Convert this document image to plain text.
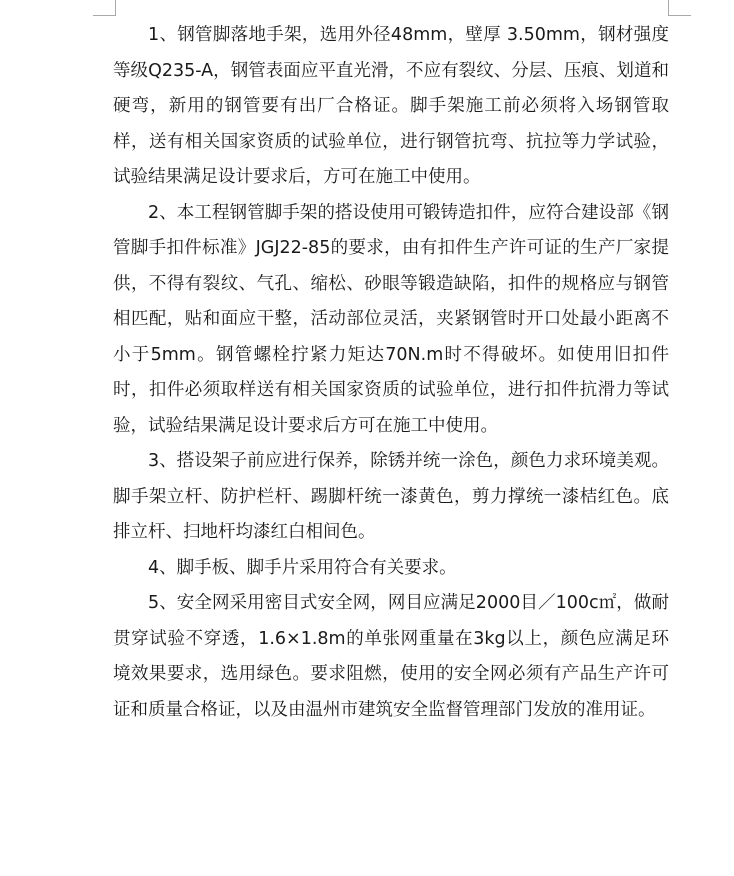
1、钢管脚落地手架，选用外径48mm，壁厚 3.50mm，钢材强度等级Q235-A，钢管表面应平直光滑，不应有裂纹、分层、压痕、划道和硬弯，新用的钢管要有出厂合格证。脚手架施工前必须将入场钢管取样，送有相关国家资质的试验单位，进行钢管抗弯、抗拉等力学试验，试验结果满足设计要求后，方可在施工中使用。

2、本工程钢管脚手架的搭设使用可锻铸造扣件，应符合建设部《钢管脚手扣件标准》JGJ22-85的要求，由有扣件生产许可证的生产厂家提供，不得有裂纹、气孔、缩松、砂眼等锻造缺陷，扣件的规格应与钢管相匹配，贴和面应干整，活动部位灵活，夹紧钢管时开口处最小距离不小于5mm。钢管螺栓拧紧力矩达70N.m时不得破坏。如使用旧扣件时，扣件必须取样送有相关国家资质的试验单位，进行扣件抗滑力等试验，试验结果满足设计要求后方可在施工中使用。

3、搭设架子前应进行保养，除锈并统一涂色，颜色力求环境美观。脚手架立杆、防护栏杆、踢脚杆统一漆黄色，剪力撑统一漆桔红色。底排立杆、扫地杆均漆红白相间色。

4、脚手板、脚手片采用符合有关要求。

5、安全网采用密目式安全网，网目应满足2000目／100c㎡，做耐贯穿试验不穿透，1.6×1.8m的单张网重量在3kg以上，颜色应满足环境效果要求，选用绿色。要求阻燃，使用的安全网必须有产品生产许可证和质量合格证，以及由温州市建筑安全监督管理部门发放的准用证。
